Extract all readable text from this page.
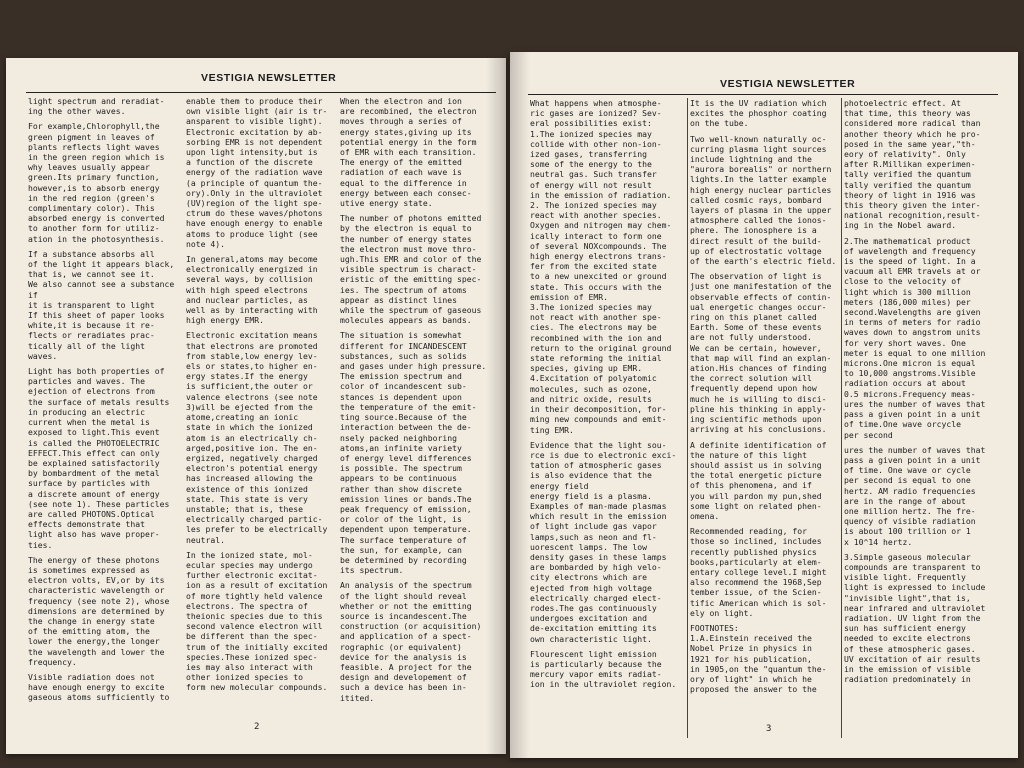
VESTIGIA NEWSLETTER

light spectrum and reradiat-
ing the other waves.

For example,Chlorophyll,the
green pigment in leaves of
plants reflects light waves
in the green region which is
why leaves usually appear
green.Its primary function,
however,is to absorb energy
in the red region (green's
complimentary color). This
absorbed energy is converted
to another form for utiliz-
ation in the photosynthesis.

If a substance absorbs all
of the light it appears black,
that is, we cannot see it.
We also cannot see a substance if
it is transparent to light
If this sheet of paper looks
white,it is because it re-
flects or reradiates prac-
tically all of the light
waves.

Light has both properties of
particles and waves. The
ejection of electrons from
the surface of metals results
in producing an electric
current when the metal is
exposed to light.This event
is called the PHOTOELECTRIC
EFFECT.This effect can only
be explained satisfactorily
by bombardment of the metal
surface by particles with
a discrete amount of energy
(see note 1). These particles
are called PHOTONS.Optical
effects demonstrate that
light also has wave proper-
ties.

The energy of these photons
is sometimes expressed as
electron volts, EV,or by its
characteristic wavelength or
frequency (see note 2), whose
dimensions are determined by
the change in energy state
of the emitting atom, the
lower the energy,the longer
the wavelength and lower the
frequency.

Visible radiation does not
have enough energy to excite
gaseous atoms sufficiently to

enable them to produce their
own visible light (air is tr-
ansparent to visible light).
Electronic excitation by ab-
sorbing EMR is not dependent
upon light intensity,but is
a function of the discrete
energy of the radiation wave
(a principle of quantum the-
ory).Only in the ultraviolet
(UV)region of the light spe-
ctrum do these waves/photons
have enough energy to enable
atoms to produce light (see
note 4).

In general,atoms may become
electronically energized in
several ways, by collision
with high speed electrons
and nuclear particles, as
well as by interacting with
high energy EMR.

Electronic excitation means
that electrons are promoted
from stable,low energy lev-
els or states,to higher en-
ergy states.If the energy
is sufficient,the outer or
valence electrons (see note
3)will be ejected from the
atome,creating an ionic
state in which the ionized
atom is an electrically ch-
arged,positive ion. The en-
ergized, negatively charged
electron's potential energy
has increased allowing the
existence of this ionized
state. This state is very
unstable; that is, these
electrically charged partic-
les prefer to be electrically
neutral.

In the ionized state, mol-
ecular species may undergo
further electronic excitat-
ion as a result of excitation
of more tightly held valence
electrons. The spectra of
theionic species due to this
second valence electron will
be different than the spec-
trum of the initially excited
species.These ionized spec-
ies may also interact with
other ionized species to
form new molecular compounds.

When the electron and ion
are recombined, the electron
moves through a series of
energy states,giving up its
potential energy in the form
of EMR with each transition.
The energy of the emitted
radiation of each wave is
equal to the difference in
energy between each consec-
utive energy state.

The number of photons emitted
by the electron is equal to
the number of energy states
the electron must move thro-
ugh.This EMR and color of the
visible spectrum is charact-
eristic of the emitting spec-
ies. The spectrum of atoms
appear as distinct lines
while the spectrum of gaseous
molecules appears as bands.

The situation is somewhat
different for INCANDESCENT
substances, such as solids
and gases under high pressure.
The emission spectrum and
color of incandescent sub-
stances is dependent upon
the temperature of the emit-
ting source.Because of the
interaction between the de-
nsely packed neighboring
atoms,an infinite variety
of energy level differences
is possible. The spectrum
appears to be continuous
rather than show discrete
emission lines or bands.The
peak frequency of emission,
or color of the light, is
dependent upon temperature.
The surface temperature of
the sun, for example, can
be determined by recording
its spectrum.

An analysis of the spectrum
of the light should reveal
whether or not the emitting
source is incandescent.The
construction (or acquisition)
and application of a spect-
rographic (or equivalent)
device for the analysis is
feasible. A project for the
design and developement of
such a device has been in-
itited.

2
VESTIGIA NEWSLETTER

What happens when atmosphe-
ric gases are ionized? Sev-
eral possibilities exist:
1.The ionized species may
collide with other non-ion-
ized gases, transferring
some of the energy to the
neutral gas. Such transfer
of energy will not result
in the emission of radiation.
2. The ionized species may
react with another species.
Oxygen and nitrogen may chem-
ically interact to form one
of several NOXcompounds. The
high energy electrons trans-
fer from the excited state
to a new unexcited or ground
state. This occurs with the
emission of EMR.
3.The ionized species may
not react with another spe-
cies. The electrons may be
recombined with the ion and
return to the original ground
state reforming the initial
species, giving up EMR.
4.Excitation of polyatomic
molecules, such as ozone,
and nitric oxide, results
in their decomposition, for-
ming new compounds and emit-
ting EMR.

Evidence that the light sou-
rce is due to electronic exci-
tation of atmospheric gases
is also evidence that the
energy field
energy field is a plasma.
Examples of man-made plasmas
which result in the emission
of light include gas vapor
lamps,such as neon and fl-
uorescent lamps. The low
density gases in these lamps
are bombarded by high velo-
city electrons which are
ejected from high voltage
electrically charged elect-
rodes.The gas continuously
undergoes excitation and
de-excitation emitting its
own characteristic light.

Flourescent light emission
is particularly because the
mercury vapor emits radiat-
ion in the ultraviolet region.

It is the UV radiation which
excites the phosphor coating
on the tube.

Two well-known naturally oc-
curring plasma light sources
include lightning and the
"aurora borealis" or northern
lights.In the latter example
high energy nuclear particles
called cosmic rays, bombard
layers of plasma in the upper
atmosphere called the ionos-
phere. The ionosphere is a
direct result of the build-
up of electrostatic voltage
of the earth's electric field.

The observation of light is
just one manifestation of the
observable effects of contin-
ual energetic changes occur-
ring on this planet called
Earth. Some of these events
are not fully understood.
We can be certain, however,
that map will find an explan-
ation.His chances of finding
the correct solution will
frequently depend upon how
much he is willing to disci-
pline his thinking in apply-
ing scientific methods upon
arriving at his conclusions.

A definite identification of
the nature of this light
should assist us in solving
the total energetic picture
of this phenomena, and if
you will pardon my pun,shed
some light on related phen-
omena.

Recommended reading, for
those so inclined, includes
recently published physics
books,particularly at elem-
entary college level.I might
also recommend the 1968,Sep
tember issue, of the Scien-
tific American which is sol-
ely on light.

FOOTNOTES:
1.A.Einstein received the
Nobel Prize in physics in
1921 for his publication,
in 1905,on the "quantum the-
ory of light" in which he
proposed the answer to the

photoelectric effect. At
that time, this theory was
considered more radical than
another theory which he pro-
posed in the same year,"th-
eory of relativity". Only
after R.Millikan experimen-
tally verified the quantum
tally verified the quantum
theory of light in 1916 was
this theory given the inter-
national recognition,result-
ing in the Nobel award.

2.The mathematical product
of wavelength and frequency
is the speed of light. In a
vacuum all EMR travels at or
close to the velocity of
light which is 300 million
meters (186,000 miles) per
second.Wavelengths are given
in terms of meters for radio
waves down to angstrom units
for very short waves. One
meter is equal to one million
microns.One micron is equal
to 10,000 angstroms.Visible
radiation occurs at about
0.5 microns.Frequency meas-
ures the number of waves that
pass a given point in a unit
of time.One wave orcycle
per second

ures the number of waves that
pass a given point in a unit
of time. One wave or cycle
per second is equal to one
hertz. AM radio frequencies
are in the range of about
one million hertz. The fre-
quency of visible radiation
is about 100 trillion or 1
x 10^14 hertz.

3.Simple gaseous molecular
compounds are transparent to
visible light. Frequently
light is expressed to include
"invisible light",that is,
near infrared and ultraviolet
radiation. UV light from the
sun has sufficient energy
needed to excite electrons
of these atmospheric gases.
UV excitation of air results
in the emission of visible
radiation predominately in

3
